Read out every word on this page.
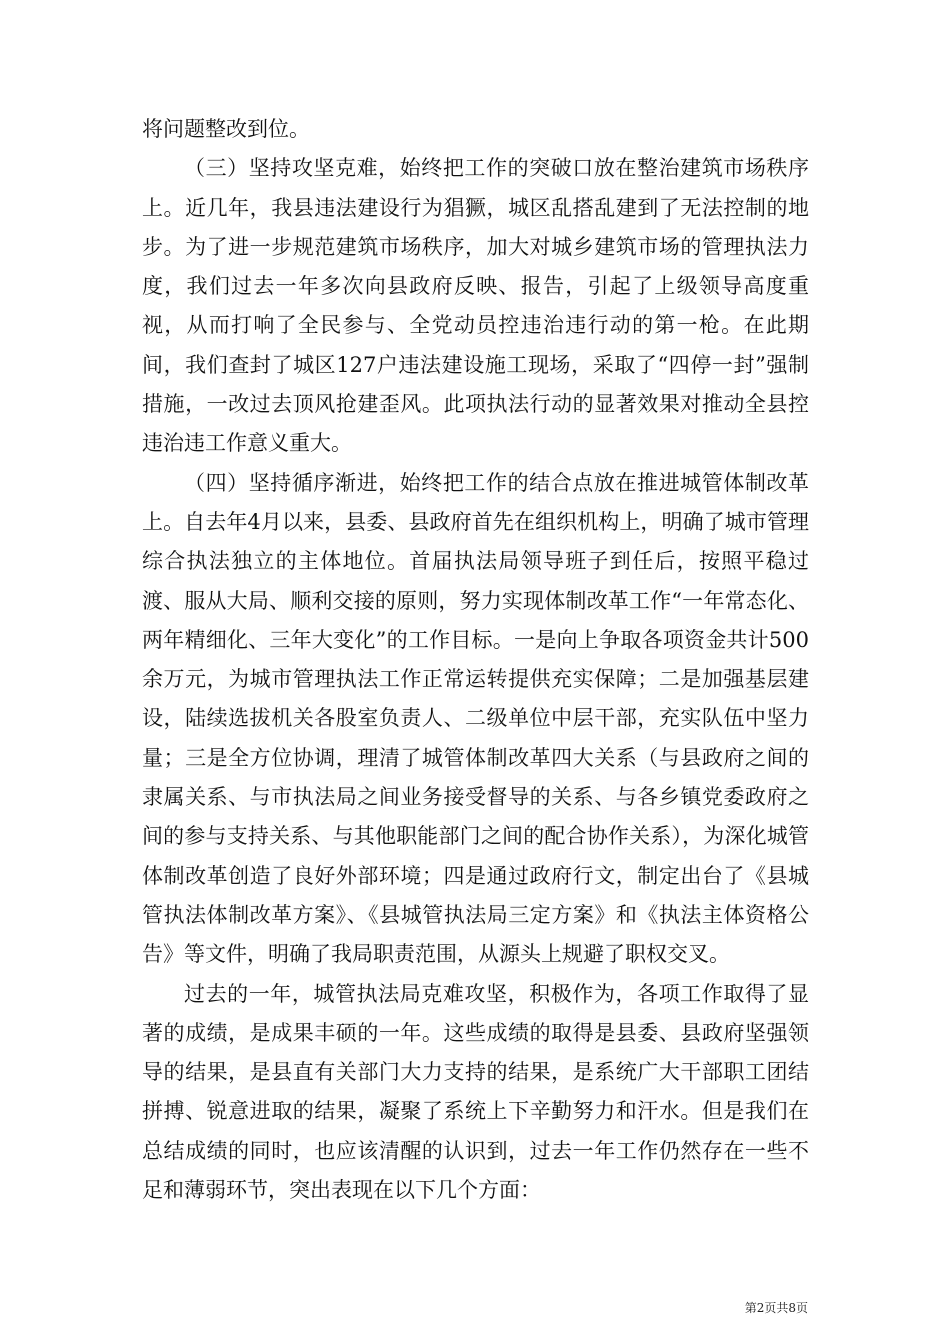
将问题整改到位。

（三）坚持攻坚克难，始终把工作的突破口放在整治建筑市场秩序上。近几年，我县违法建设行为猖獗，城区乱搭乱建到了无法控制的地步。为了进一步规范建筑市场秩序，加大对城乡建筑市场的管理执法力度，我们过去一年多次向县政府反映、报告，引起了上级领导高度重视，从而打响了全民参与、全党动员控违治违行动的第一枪。在此期间，我们查封了城区127户违法建设施工现场，采取了“四停一封”强制措施，一改过去顶风抢建歪风。此项执法行动的显著效果对推动全县控违治违工作意义重大。

（四）坚持循序渐进，始终把工作的结合点放在推进城管体制改革上。自去年4月以来，县委、县政府首先在组织机构上，明确了城市管理综合执法独立的主体地位。首届执法局领导班子到任后，按照平稳过渡、服从大局、顺利交接的原则，努力实现体制改革工作“一年常态化、两年精细化、三年大变化”的工作目标。一是向上争取各项资金共计500余万元，为城市管理执法工作正常运转提供充实保障；二是加强基层建设，陆续选拔机关各股室负责人、二级单位中层干部，充实队伍中坚力量；三是全方位协调，理清了城管体制改革四大关系（与县政府之间的隶属关系、与市执法局之间业务接受督导的关系、与各乡镇党委政府之间的参与支持关系、与其他职能部门之间的配合协作关系），为深化城管体制改革创造了良好外部环境；四是通过政府行文，制定出台了《县城管执法体制改革方案》、《县城管执法局三定方案》和《执法主体资格公告》等文件，明确了我局职责范围，从源头上规避了职权交叉。

过去的一年，城管执法局克难攻坚，积极作为，各项工作取得了显著的成绩，是成果丰硕的一年。这些成绩的取得是县委、县政府坚强领导的结果，是县直有关部门大力支持的结果，是系统广大干部职工团结拼搏、锐意进取的结果，凝聚了系统上下辛勤努力和汗水。但是我们在总结成绩的同时，也应该清醒的认识到，过去一年工作仍然存在一些不足和薄弱环节，突出表现在以下几个方面：

第2页共8页
